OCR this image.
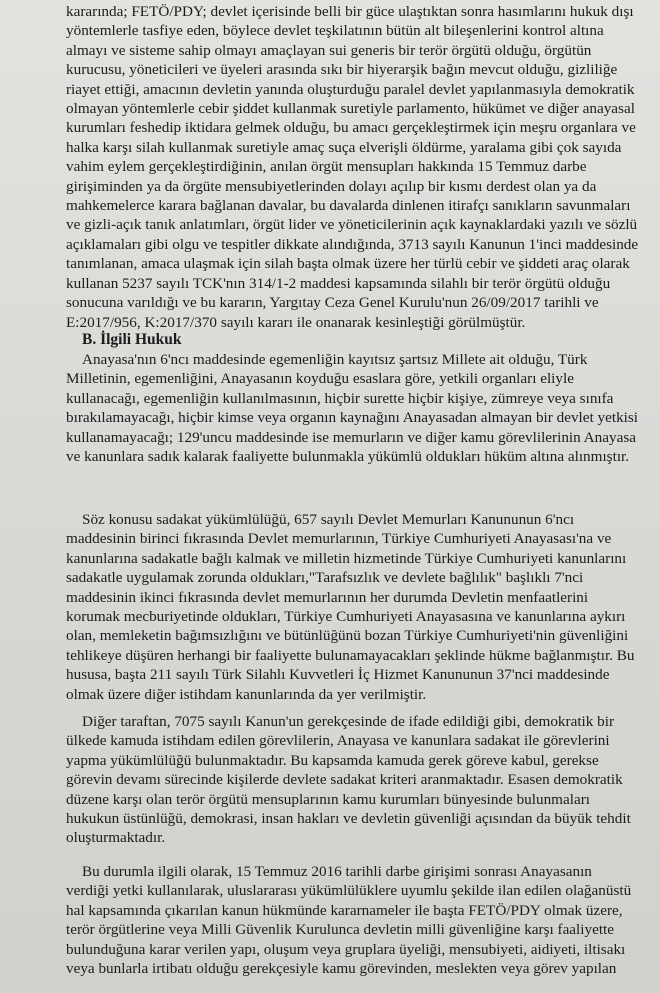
kararında; FETÖ/PDY; devlet içerisinde belli bir güce ulaştıktan sonra hasımlarını hukuk dışı

yöntemlerle tasfiye eden, böylece devlet teşkilatının bütün alt bileşenlerini kontrol altına

almayı ve sisteme sahip olmayı amaçlayan sui generis bir terör örgütü olduğu, örgütün

kurucusu, yöneticileri ve üyeleri arasında sıkı bir hiyerarşik bağın mevcut olduğu, gizliliğe

riayet ettiği, amacının devletin yanında oluşturduğu paralel devlet yapılanmasıyla demokratik

olmayan yöntemlerle cebir şiddet kullanmak suretiyle parlamento, hükümet ve diğer anayasal

kurumları feshedip iktidara gelmek olduğu, bu amacı gerçekleştirmek için meşru organlara ve

halka karşı silah kullanmak suretiyle amaç suça elverişli öldürme, yaralama gibi çok sayıda

vahim eylem gerçekleştirdiğinin, anılan örgüt mensupları hakkında 15 Temmuz darbe

girişiminden ya da örgüte mensubiyetlerinden dolayı açılıp bir kısmı derdest olan ya da

mahkemelerce karara bağlanan davalar, bu davalarda dinlenen itirafçı sanıkların savunmaları

ve gizli-açık tanık anlatımları, örgüt lider ve yöneticilerinin açık kaynaklardaki yazılı ve sözlü

açıklamaları gibi olgu ve tespitler dikkate alındığında, 3713 sayılı Kanunun 1'inci maddesinde

tanımlanan, amaca ulaşmak için silah başta olmak üzere her türlü cebir ve şiddeti araç olarak

kullanan 5237 sayılı TCK'nın 314/1-2 maddesi kapsamında silahlı bir terör örgütü olduğu

sonucuna varıldığı ve bu kararın, Yargıtay Ceza Genel Kurulu'nun 26/09/2017 tarihli ve

E:2017/956, K:2017/370 sayılı kararı ile onanarak kesinleştiği görülmüştür.

B. İlgili Hukuk

Anayasa'nın 6'ncı maddesinde egemenliğin kayıtsız şartsız Millete ait olduğu, Türk

Milletinin, egemenliğini, Anayasanın koyduğu esaslara göre, yetkili organları eliyle

kullanacağı, egemenliğin kullanılmasının, hiçbir surette hiçbir kişiye, zümreye veya sınıfa

bırakılamayacağı, hiçbir kimse veya organın kaynağını Anayasadan almayan bir devlet yetkisi

kullanamayacağı; 129'uncu maddesinde ise memurların ve diğer kamu görevlilerinin Anayasa

ve kanunlara sadık kalarak faaliyette bulunmakla yükümlü oldukları hüküm altına alınmıştır.

Söz konusu sadakat yükümlülüğü, 657 sayılı Devlet Memurları Kanununun 6'ncı

maddesinin birinci fıkrasında Devlet memurlarının, Türkiye Cumhuriyeti Anayasası'na ve

kanunlarına sadakatle bağlı kalmak ve milletin hizmetinde Türkiye Cumhuriyeti kanunlarını

sadakatle uygulamak zorunda oldukları,"Tarafsızlık ve devlete bağlılık" başlıklı 7'nci

maddesinin ikinci fıkrasında devlet memurlarının her durumda Devletin menfaatlerini

korumak mecburiyetinde oldukları, Türkiye Cumhuriyeti Anayasasına ve kanunlarına aykırı

olan, memleketin bağımsızlığını ve bütünlüğünü bozan Türkiye Cumhuriyeti'nin güvenliğini

tehlikeye düşüren herhangi bir faaliyette bulunamayacakları şeklinde hükme bağlanmıştır. Bu

hususa, başta 211 sayılı Türk Silahlı Kuvvetleri İç Hizmet Kanununun 37'nci maddesinde

olmak üzere diğer istihdam kanunlarında da yer verilmiştir.

Diğer taraftan, 7075 sayılı Kanun'un gerekçesinde de ifade edildiği gibi, demokratik bir

ülkede kamuda istihdam edilen görevlilerin, Anayasa ve kanunlara sadakat ile görevlerini

yapma yükümlülüğü bulunmaktadır. Bu kapsamda kamuda gerek göreve kabul, gerekse

görevin devamı sürecinde kişilerde devlete sadakat kriteri aranmaktadır. Esasen demokratik

düzene karşı olan terör örgütü mensuplarının kamu kurumları bünyesinde bulunmaları

hukukun üstünlüğü, demokrasi, insan hakları ve devletin güvenliği açısından da büyük tehdit

oluşturmaktadır.

Bu durumla ilgili olarak, 15 Temmuz 2016 tarihli darbe girişimi sonrası Anayasanın

verdiği yetki kullanılarak, uluslararası yükümlülüklere uyumlu şekilde ilan edilen olağanüstü

hal kapsamında çıkarılan kanun hükmünde kararnameler ile başta FETÖ/PDY olmak üzere,

terör örgütlerine veya Milli Güvenlik Kurulunca devletin milli güvenliğine karşı faaliyette

bulunduğuna karar verilen yapı, oluşum veya gruplara üyeliği, mensubiyeti, aidiyeti, iltisakı

veya bunlarla irtibatı olduğu gerekçesiyle kamu görevinden, meslekten veya görev yapılan
